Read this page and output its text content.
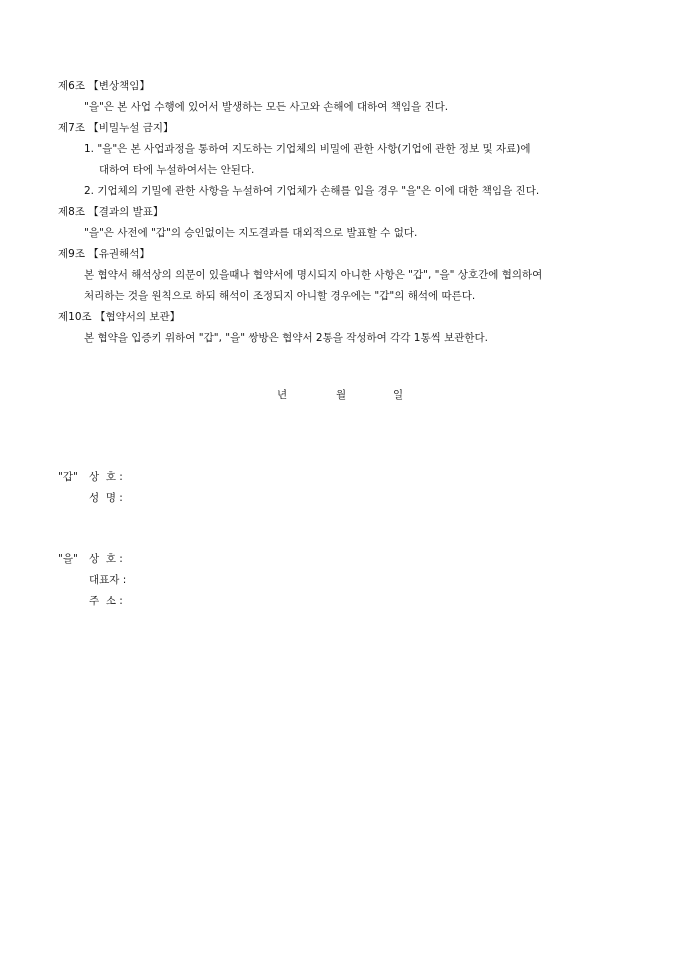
제6조 【변상책임】
"을"은 본 사업 수행에 있어서 발생하는 모든 사고와 손해에 대하여 책임을 진다.
제7조 【비밀누설 금지】
1. "을"은 본 사업과정을 통하여 지도하는 기업체의 비밀에 관한 사항(기업에 관한 정보 및 자료)에
대하여 타에 누설하여서는 안된다.
2. 기업체의 기밀에 관한 사항을 누설하여 기업체가 손해를 입을 경우 "을"은 이에 대한 책임을 진다.
제8조 【결과의 발표】
"을"은 사전에 "갑"의 승인없이는 지도결과를 대외적으로 발표할 수 없다.
제9조 【유권해석】
본 협약서 해석상의 의문이 있을때나 협약서에 명시되지 아니한 사항은 "갑", "을" 상호간에 협의하여
처리하는 것을 원칙으로 하되 해석이 조정되지 아니할 경우에는 "갑"의 해석에 따른다.
제10조 【협약서의 보관】
본 협약을 입증키 위하여 "갑", "을" 쌍방은 협약서 2통을 작성하여 각각 1통씩 보관한다.
년	월	일
"갑" 상  호 :
성  명 :
"을" 상  호 :
대표자 :
주  소 :
